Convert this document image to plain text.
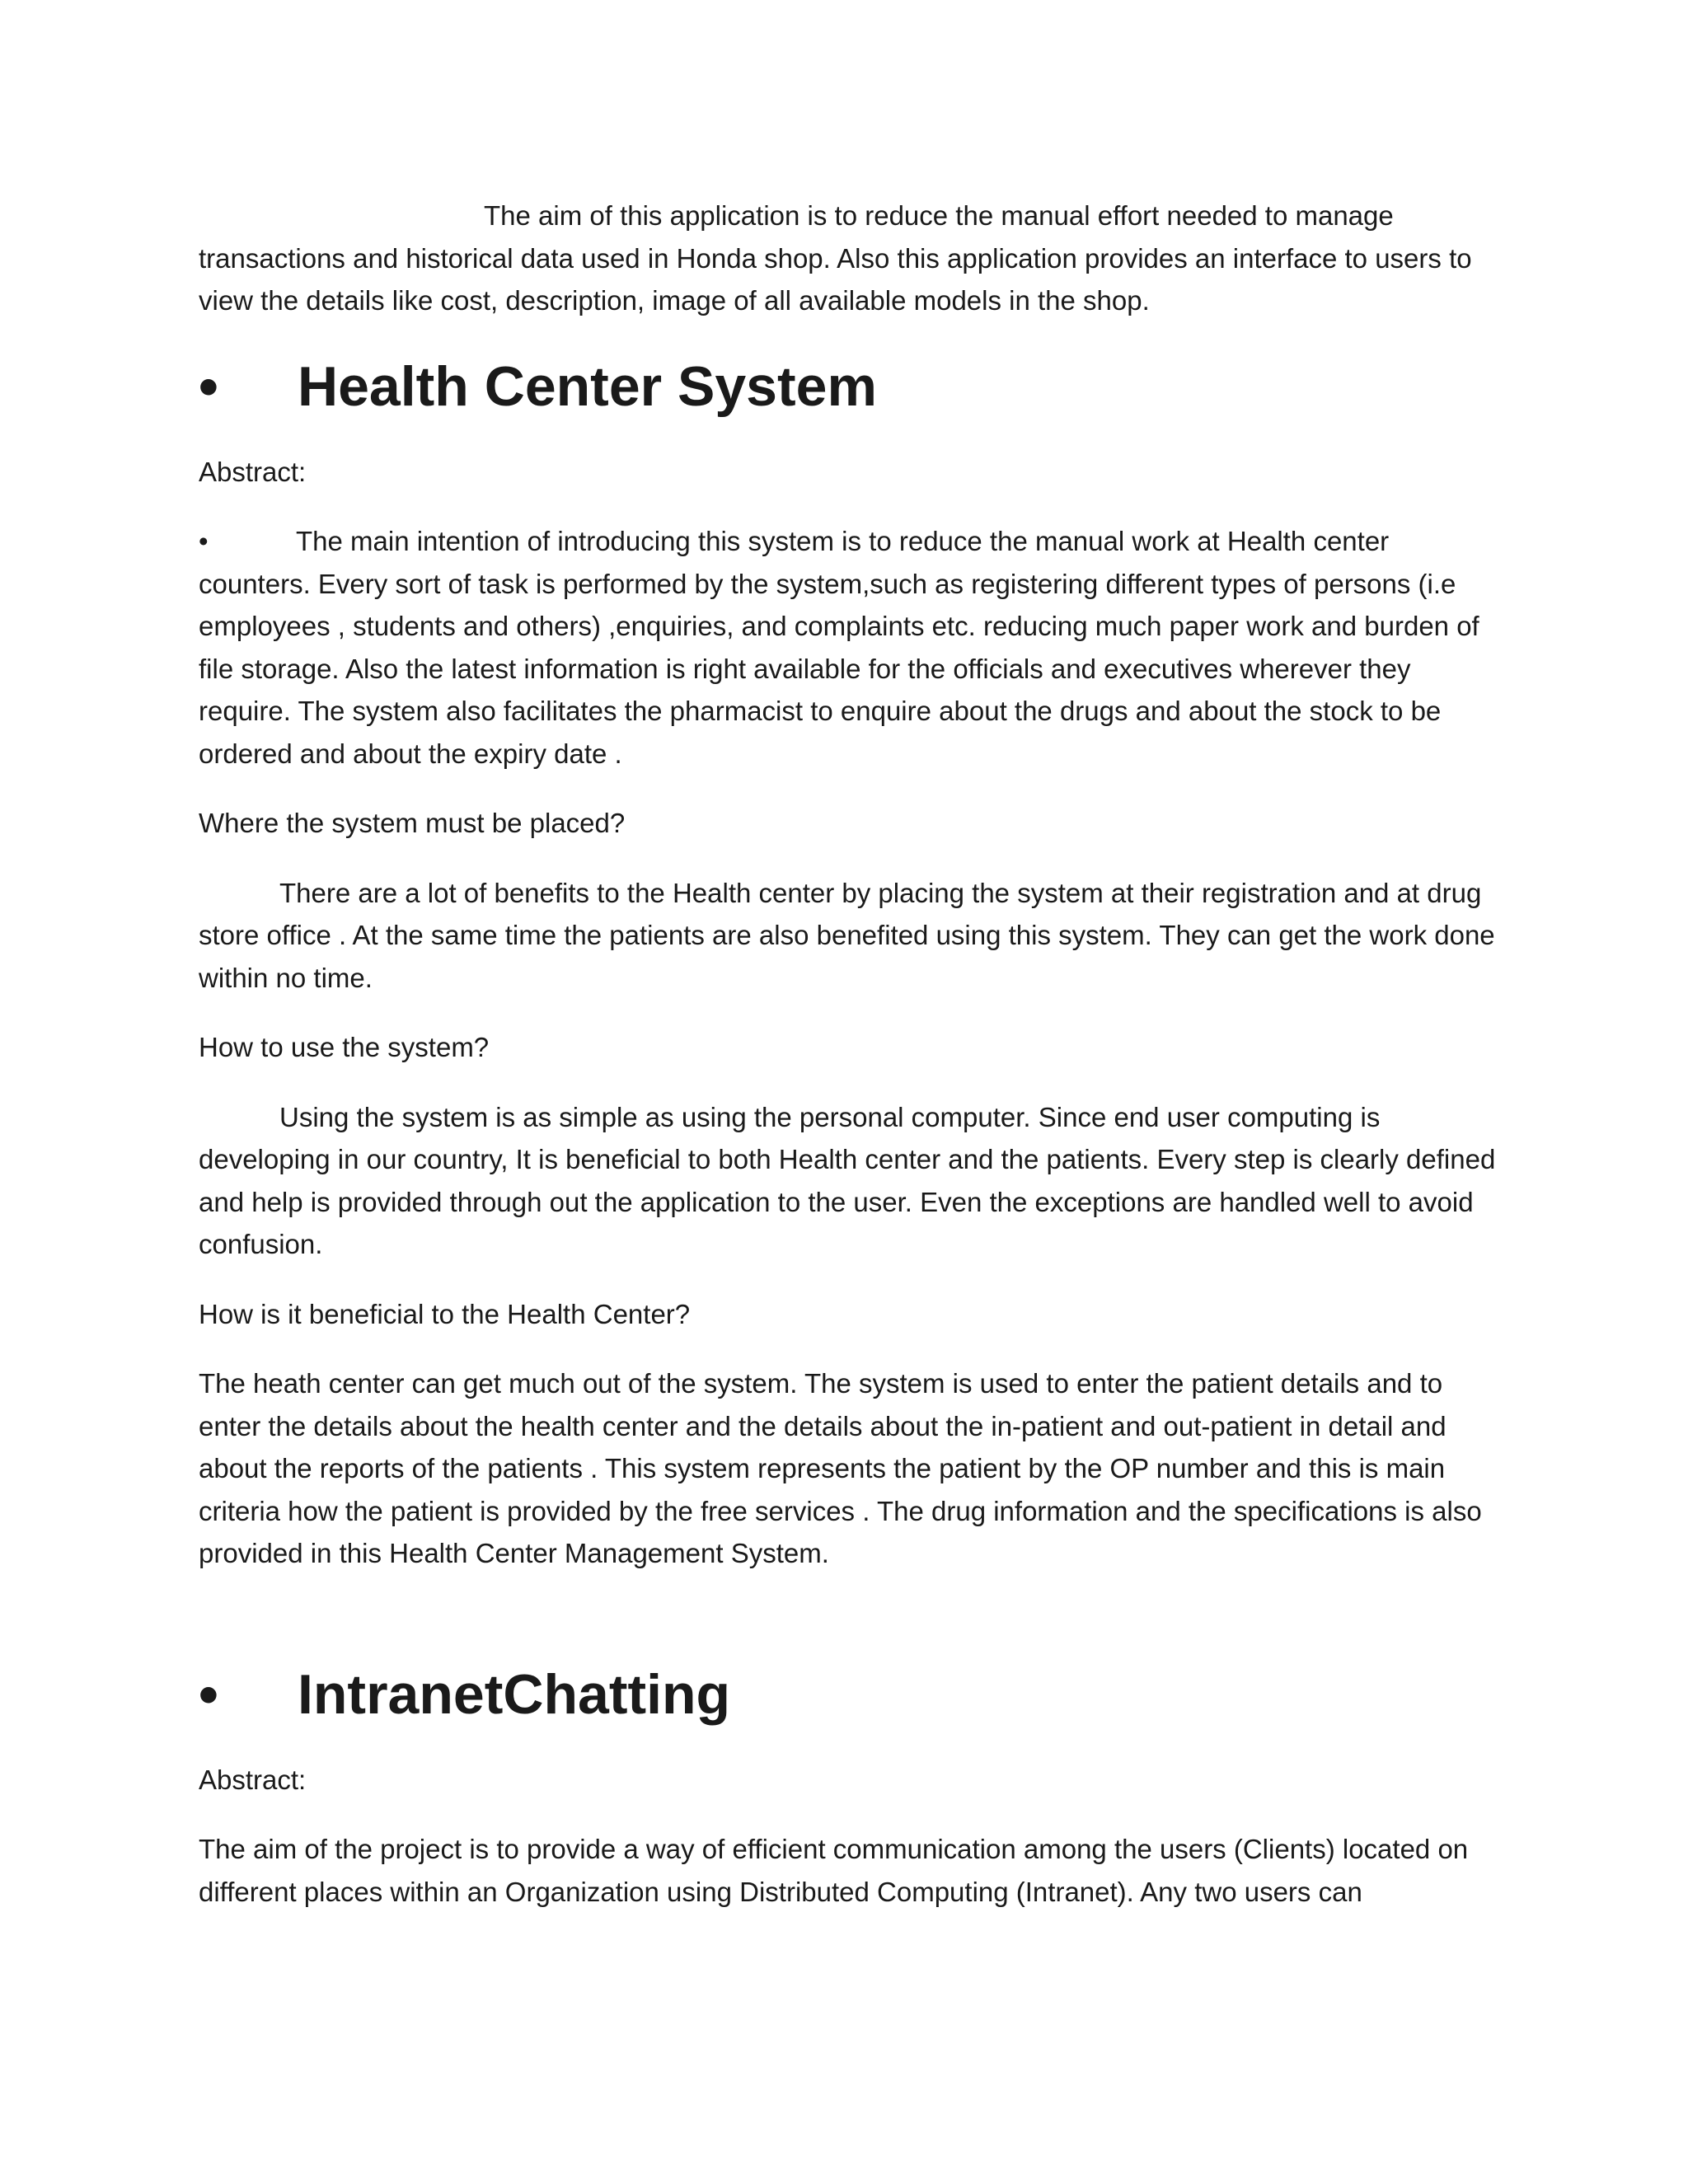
The aim of this application is to reduce the manual effort needed to manage transactions and historical data used in Honda shop. Also this application provides an interface to users to view the details like cost, description, image of all available models in the shop.

•	Health Center System

Abstract:

•	The main intention of introducing this system is to reduce the manual work at Health center counters. Every sort of task is performed by the system,such as registering different types of persons (i.e employees , students and others) ,enquiries, and complaints etc. reducing much paper work and burden of file storage. Also the latest information is right available for the officials and executives wherever they require. The system also facilitates the pharmacist to enquire about the drugs and about the stock to be ordered and about the expiry date .

Where the system must be placed?

There are a lot of benefits to the Health center by placing the system at their registration and at drug store office . At the same time the patients are also benefited using this system. They can get the work done within no time.

How to use the system?

Using the system is as simple as using the personal computer. Since end user computing is developing in our country, It is beneficial to both Health center and the patients. Every step is clearly defined and help is provided through out the application to the user. Even the exceptions are handled well to avoid confusion.

How is it beneficial to the Health Center?

The heath center can get much out of the system. The system is used to enter the patient details and to enter the details about the health center and the details about the in-patient and out-patient in detail and about the reports of the patients . This system represents the patient by the OP number and this is main criteria how the patient is provided by the free services . The drug information and the specifications is also provided in this Health Center Management System.

•	IntranetChatting

Abstract:

The aim of the project is to provide a way of efficient communication among the users (Clients) located on different places within an Organization using Distributed Computing (Intranet). Any two users can
